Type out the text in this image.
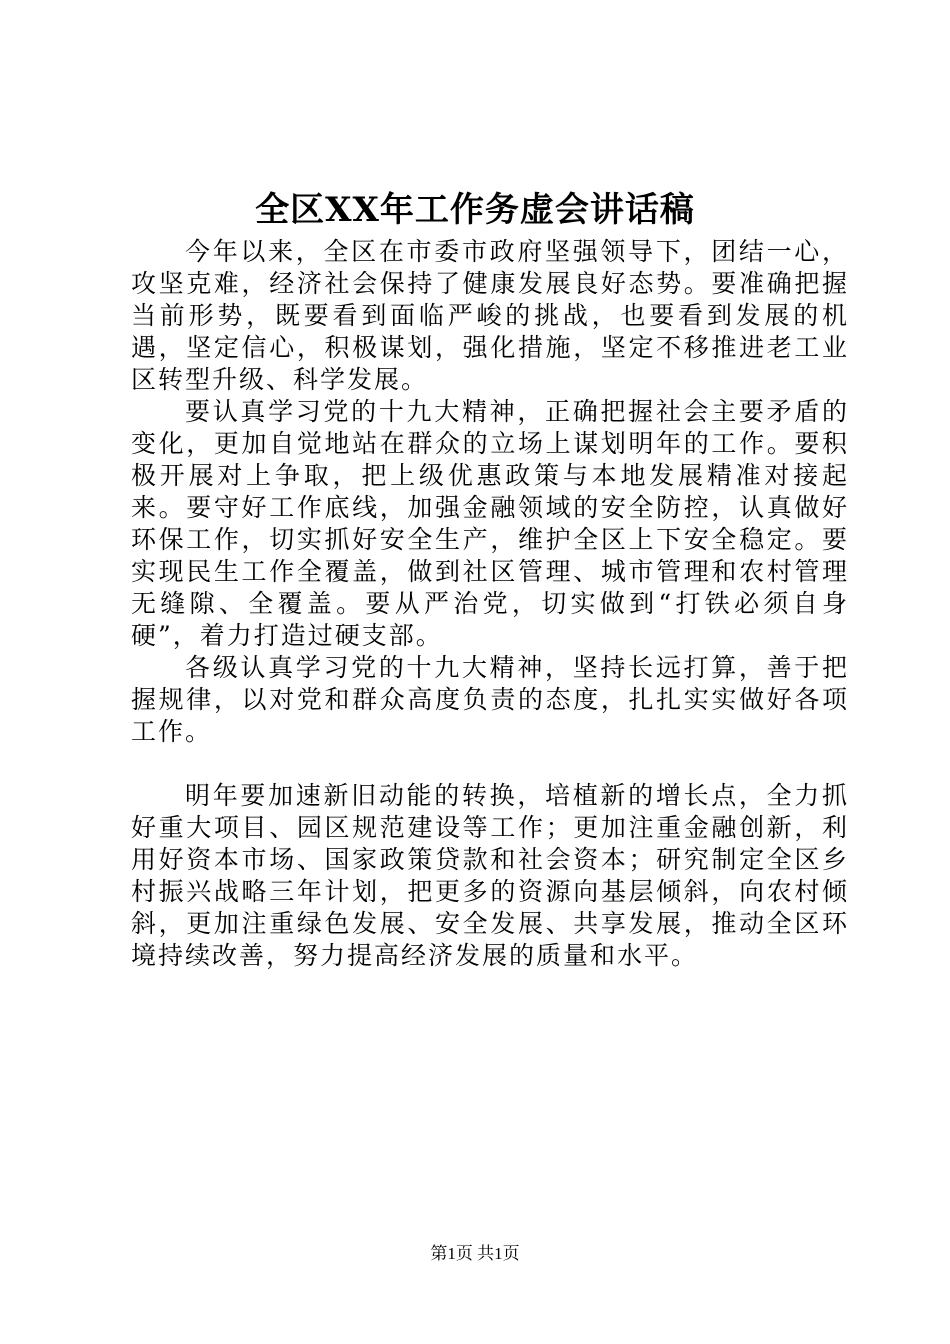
全区XX年工作务虚会讲话稿

今年以来，全区在市委市政府坚强领导下，团结一心，攻坚克难，经济社会保持了健康发展良好态势。要准确把握当前形势，既要看到面临严峻的挑战，也要看到发展的机遇，坚定信心，积极谋划，强化措施，坚定不移推进老工业区转型升级、科学发展。

要认真学习党的十九大精神，正确把握社会主要矛盾的变化，更加自觉地站在群众的立场上谋划明年的工作。要积极开展对上争取，把上级优惠政策与本地发展精准对接起来。要守好工作底线，加强金融领域的安全防控，认真做好环保工作，切实抓好安全生产，维护全区上下安全稳定。要实现民生工作全覆盖，做到社区管理、城市管理和农村管理无缝隙、全覆盖。要从严治党，切实做到“打铁必须自身硬”，着力打造过硬支部。

各级认真学习党的十九大精神，坚持长远打算，善于把握规律，以对党和群众高度负责的态度，扎扎实实做好各项工作。

明年要加速新旧动能的转换，培植新的增长点，全力抓好重大项目、园区规范建设等工作；更加注重金融创新，利用好资本市场、国家政策贷款和社会资本；研究制定全区乡村振兴战略三年计划，把更多的资源向基层倾斜，向农村倾斜，更加注重绿色发展、安全发展、共享发展，推动全区环境持续改善，努力提高经济发展的质量和水平。

第1页 共1页
